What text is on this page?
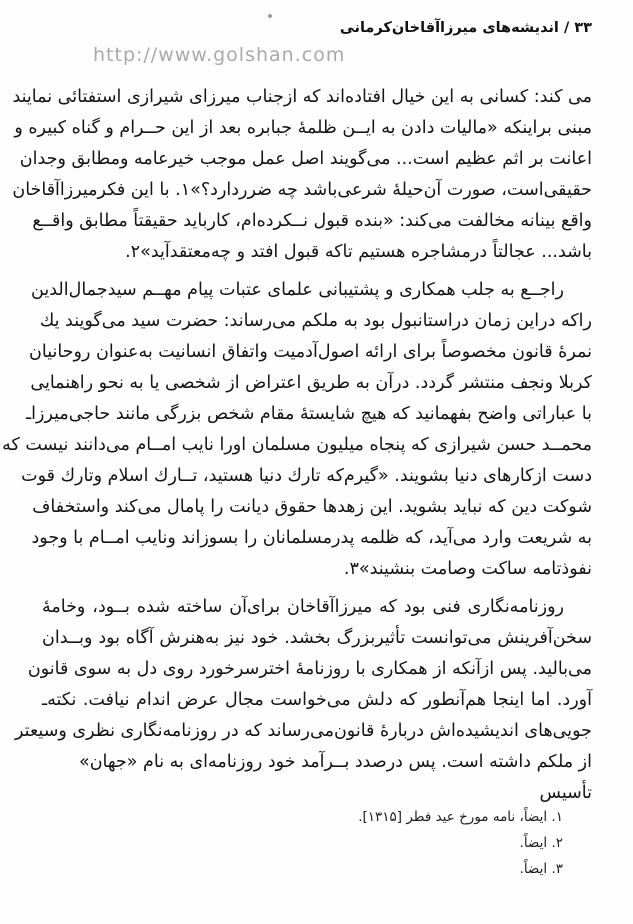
۳۳ / اندیشه‌های میرزاآقاخان‌کرمانی
http://www.golshan.com
می کند: کسانی به این خیال افتاده‌اند که ازجناب میرزای شیرازی استفتائی نمایند
مبنی براینکه «مالیات دادن به ایــن ظلمهٔ جبابره بعد از این حــرام و گناه کبیره و
اعانت بر اثم عظیم است... می‌گویند اصل عمل موجب خیرعامه ومطابق وجدان
حقیقی‌است، صورت آن‌حیلهٔ شرعی‌باشد چه ضرردارد؟»۱. با این فکرمیرزاآقاخان
واقع بینانه مخالفت می‌کند: «بنده قبول نــکرده‌ام، کارباید حقیقتاً مطابق واقــع
باشد... عجالتاً درمشاجره هستیم تاکه قبول افتد و چه‌معتقدآید»۲.
راجــع به جلب همکاری و پشتیبانی علمای عتبات پیام مهــم سیدجمال‌الدین
راکه دراین زمان دراستانبول بود به ملکم می‌رساند: حضرت سید می‌گویند یك
نمرهٔ قانون مخصوصاً برای ارائه اصول‌آدمیت واتفاق انسانیت به‌عنوان روحانیان
کربلا ونجف منتشر گردد. درآن به طریق اعتراض از شخصی یا به نحو راهنمایی
با عباراتی واضح بفهمانید که هیچ شایستهٔ مقام شخص بزرگی مانند حاجی‌میرزاـ
محمــد حسن شیرازی که پنجاه میلیون مسلمان اورا نایب امــام می‌دانند نیست که
دست ازکارهای دنیا بشویند. «گیرم‌که تارك دنیا هستید، تــارك اسلام وتارك قوت
شوکت دین که نباید بشوید. این زهدها حقوق دیانت را پامال می‌کند واستخفاف
به شریعت وارد می‌آید، که ظلمه پدرمسلمانان را بسوزاند ونایب امــام با وجود
نفوذتامه ساکت وصامت بنشیند»۳.
روزنامه‌نگاری فنی بود که میرزاآقاخان برای‌آن ساخته شده بــود، وخامهٔ
سخن‌آفرینش می‌توانست تأثیربزرگ بخشد. خود نیز به‌هنرش آگاه بود وبــدان
می‌بالید. پس ازآنکه از همکاری با روزنامهٔ اخترسرخورد روی دل به سوی قانون
آورد. اما اینجا هم‌آنطور که دلش می‌خواست مجال عرض اندام نیافت. نکته‌ـ
جویی‌های اندیشیده‌اش دربارهٔ قانون‌می‌رساند که در روزنامه‌نگاری نظری وسیعتر
از ملکم داشته است. پس درصدد بــرآمد خود روزنامه‌ای به نام «جهان» تأسیس
۱. ایضاً، نامه مورخ عید فطر [۱۳۱۵].
۲. ایضاً.
۳. ایضاً.
